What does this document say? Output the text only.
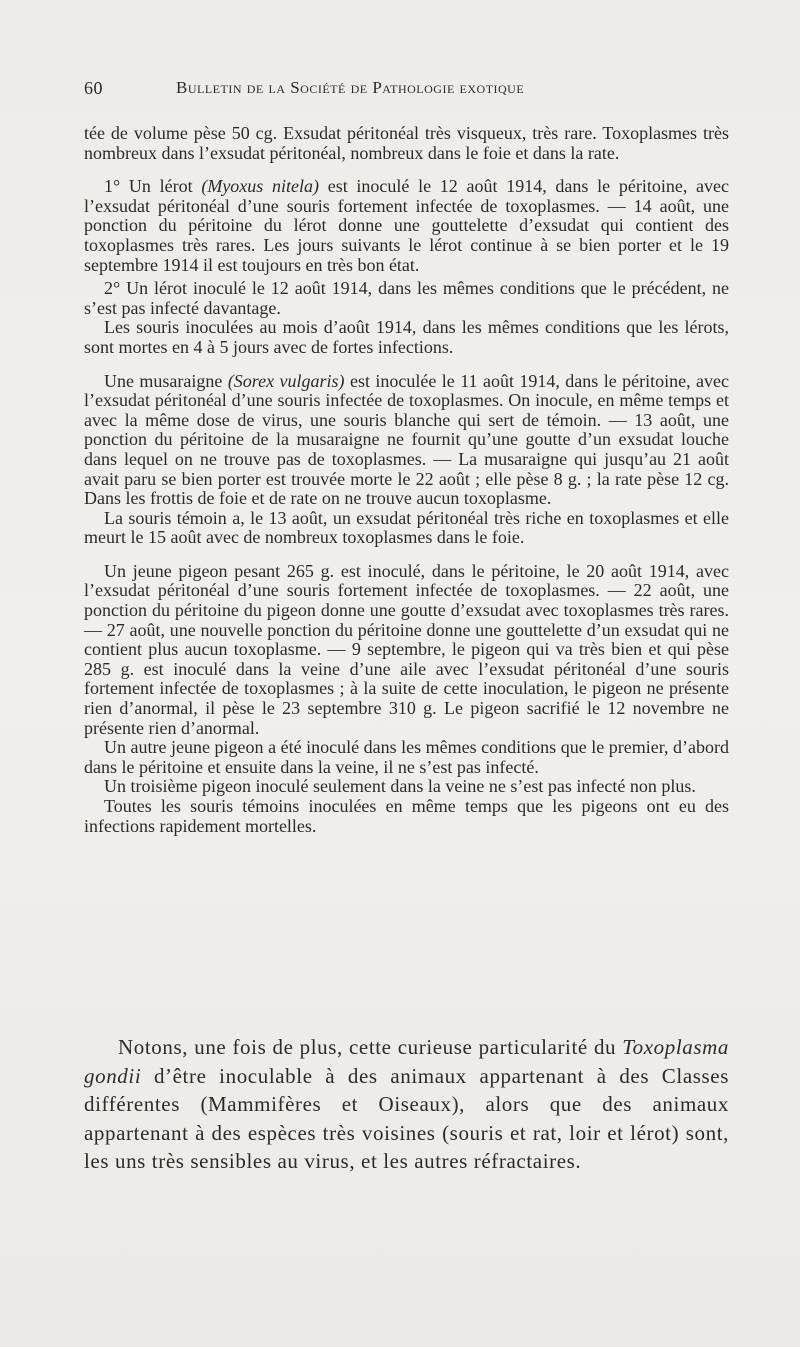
60	Bulletin de la Société de Pathologie exotique

tée de volume pèse 50 cg. Exsudat péritonéal très visqueux, très rare. Toxoplasmes très nombreux dans l’exsudat péritonéal, nombreux dans le foie et dans la rate.

1° Un lérot (Myoxus nitela) est inoculé le 12 août 1914, dans le péritoine, avec l’exsudat péritonéal d’une souris fortement infectée de toxoplasmes. — 14 août, une ponction du péritoine du lérot donne une gouttelette d’exsudat qui contient des toxoplasmes très rares. Les jours suivants le lérot continue à se bien porter et le 19 septembre 1914 il est toujours en très bon état.

2° Un lérot inoculé le 12 août 1914, dans les mêmes conditions que le précédent, ne s’est pas infecté davantage.

Les souris inoculées au mois d’août 1914, dans les mêmes conditions que les lérots, sont mortes en 4 à 5 jours avec de fortes infections.

Une musaraigne (Sorex vulgaris) est inoculée le 11 août 1914, dans le péritoine, avec l’exsudat péritonéal d’une souris infectée de toxoplasmes. On inocule, en même temps et avec la même dose de virus, une souris blanche qui sert de témoin. — 13 août, une ponction du péritoine de la musaraigne ne fournit qu’une goutte d’un exsudat louche dans lequel on ne trouve pas de toxoplasmes. — La musaraigne qui jusqu’au 21 août avait paru se bien porter est trouvée morte le 22 août ; elle pèse 8 g. ; la rate pèse 12 cg. Dans les frottis de foie et de rate on ne trouve aucun toxoplasme.

La souris témoin a, le 13 août, un exsudat péritonéal très riche en toxoplasmes et elle meurt le 15 août avec de nombreux toxoplasmes dans le foie.

Un jeune pigeon pesant 265 g. est inoculé, dans le péritoine, le 20 août 1914, avec l’exsudat péritonéal d’une souris fortement infectée de toxoplasmes. — 22 août, une ponction du péritoine du pigeon donne une goutte d’exsudat avec toxoplasmes très rares. — 27 août, une nouvelle ponction du péritoine donne une gouttelette d’un exsudat qui ne contient plus aucun toxoplasme. — 9 septembre, le pigeon qui va très bien et qui pèse 285 g. est inoculé dans la veine d’une aile avec l’exsudat péritonéal d’une souris fortement infectée de toxoplasmes ; à la suite de cette inoculation, le pigeon ne présente rien d’anormal, il pèse le 23 septembre 310 g. Le pigeon sacrifié le 12 novembre ne présente rien d’anormal.

Un autre jeune pigeon a été inoculé dans les mêmes conditions que le premier, d’abord dans le péritoine et ensuite dans la veine, il ne s’est pas infecté.

Un troisième pigeon inoculé seulement dans la veine ne s’est pas infecté non plus.

Toutes les souris témoins inoculées en même temps que les pigeons ont eu des infections rapidement mortelles.

Notons, une fois de plus, cette curieuse particularité du Toxoplasma gondii d’être inoculable à des animaux appartenant à des Classes différentes (Mammifères et Oiseaux), alors que des animaux appartenant à des espèces très voisines (souris et rat, loir et lérot) sont, les uns très sensibles au virus, et les autres réfractaires.
